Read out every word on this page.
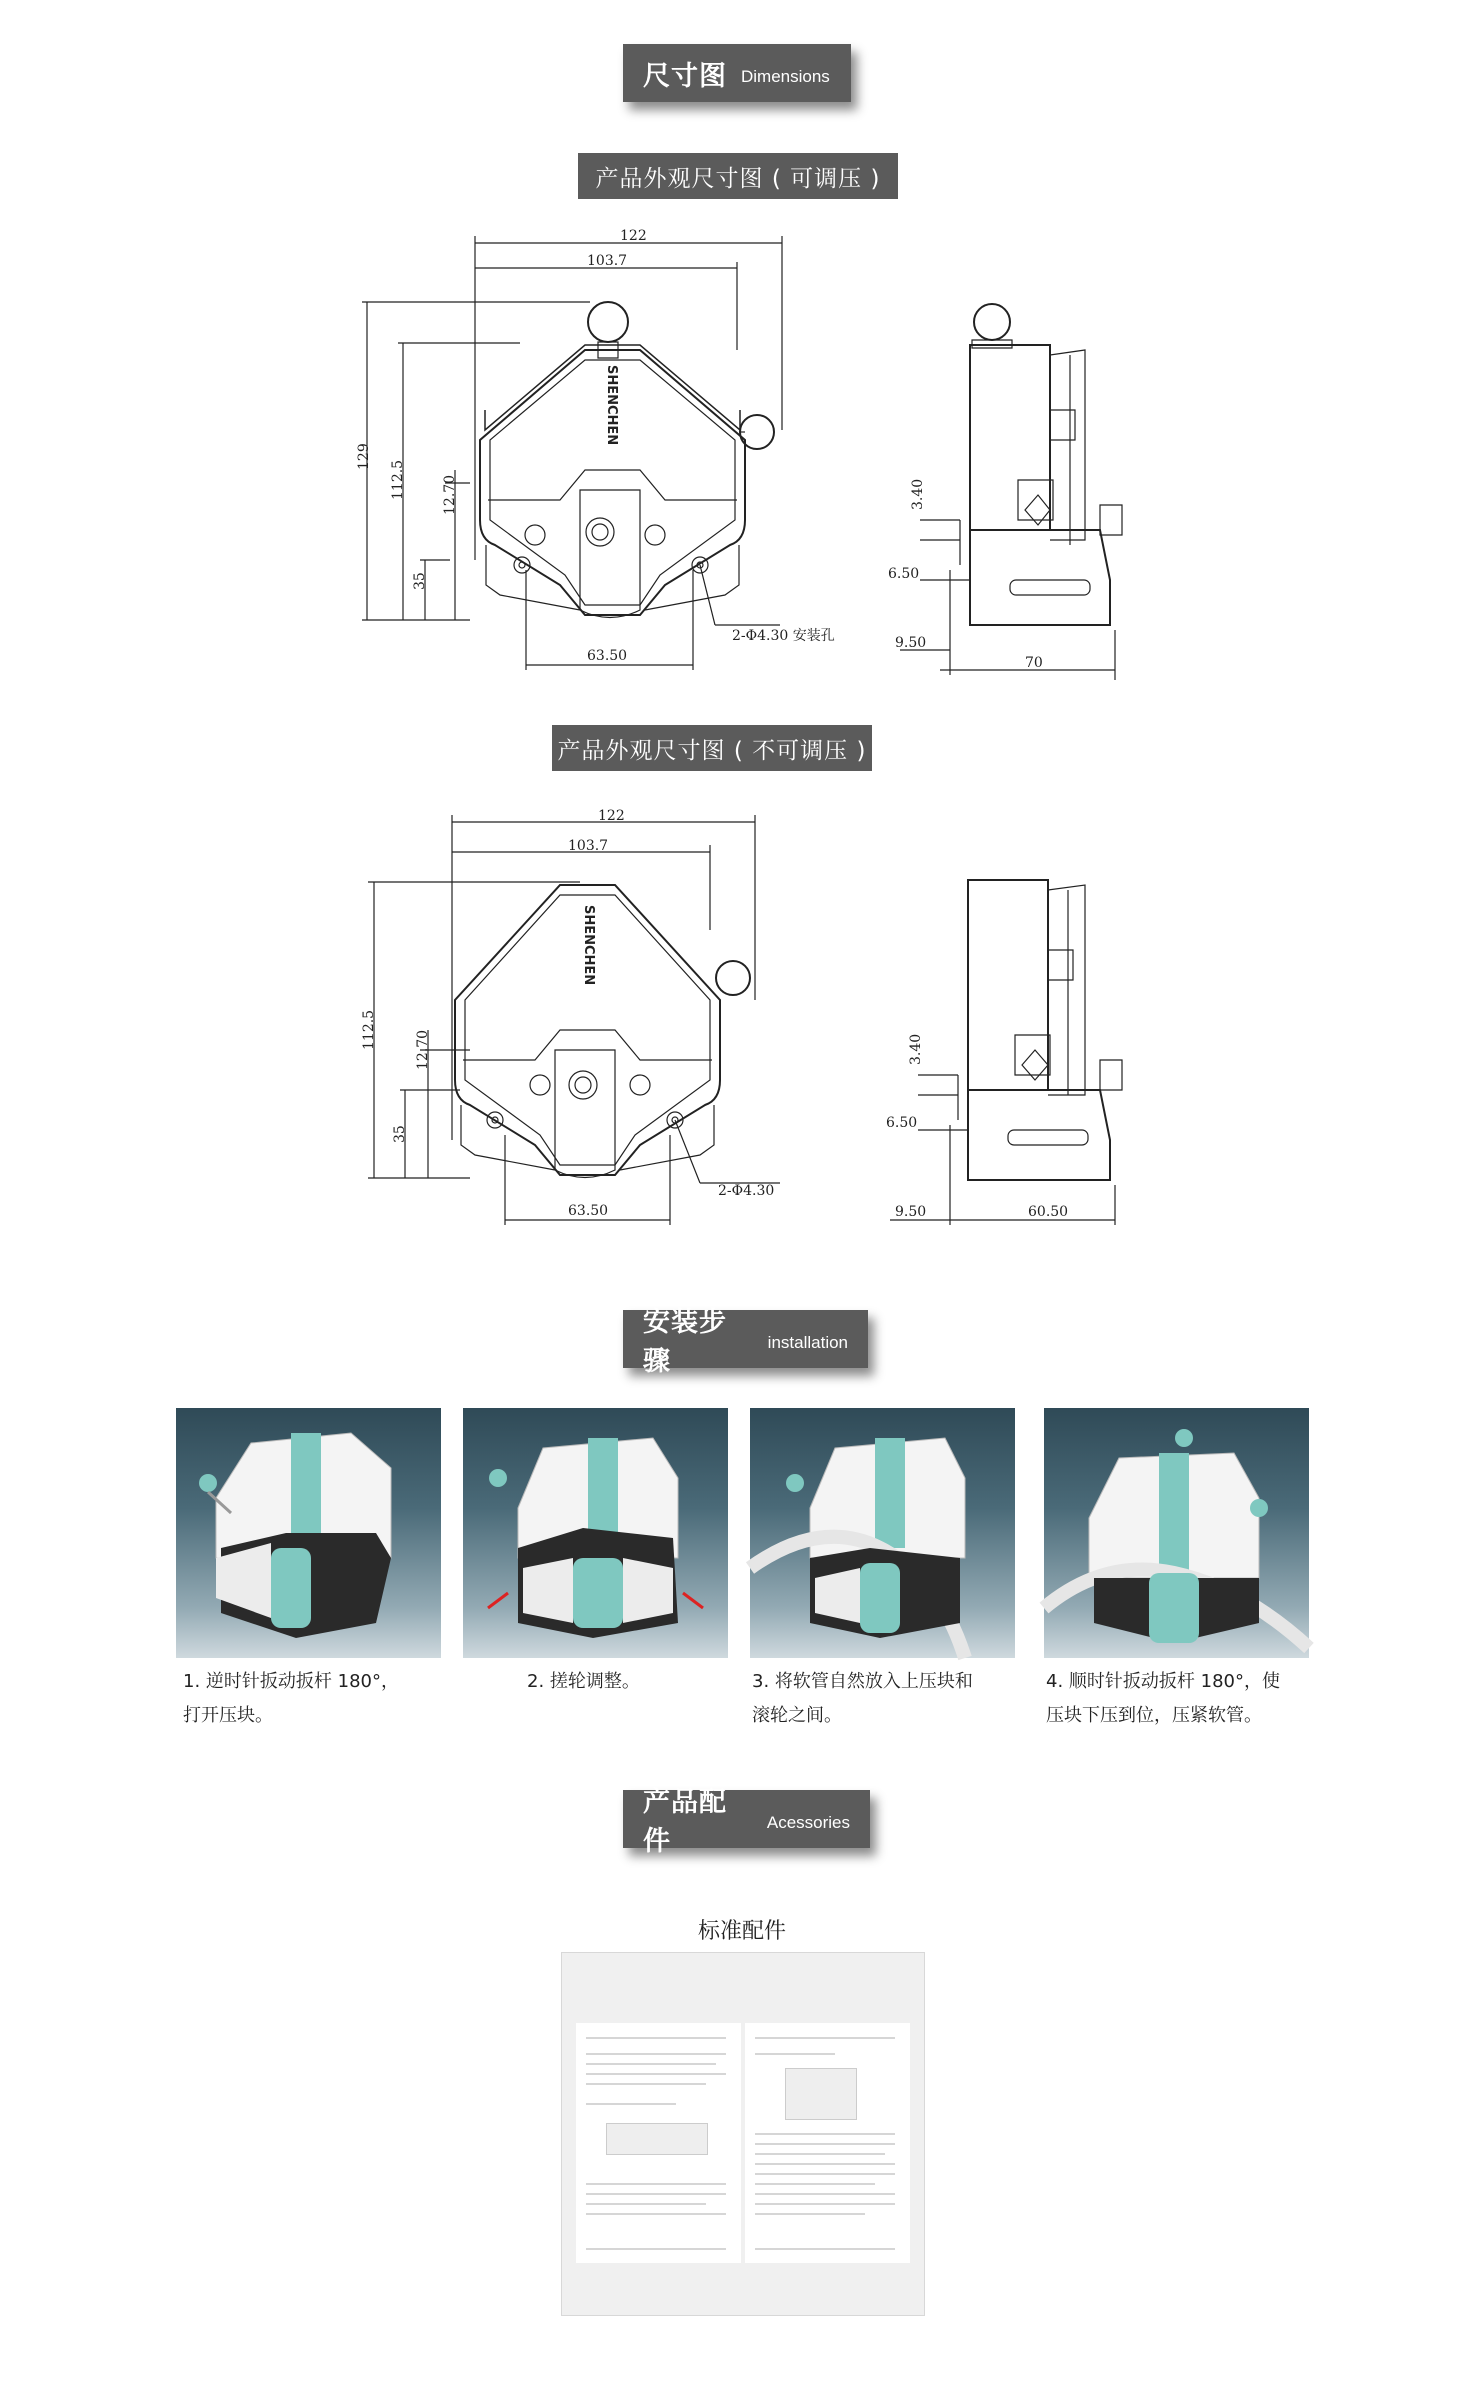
尺寸图 Dimensions
产品外观尺寸图 ( 可调压 )
SHENCHEN
122
103.7
129
112.5	12.70
35
63.50
2-Φ4.30 安装孔
3.40
6.50
9.50
70
产品外观尺寸图 ( 不可调压 )
SHENCHEN
122
103.7
112.5	12.70
35
63.50
2-Φ4.30
3.40
6.50
9.50	60.50
安装步骤
installation
1. 逆时针扳动扳杆 180°，
打开压块。
2. 搓轮调整。	3. 将软管自然放入上压块和
滚轮之间。
4. 顺时针扳动扳杆 180°，使
压块下压到位，压紧软管。
产品配件
Acessories
标准配件
